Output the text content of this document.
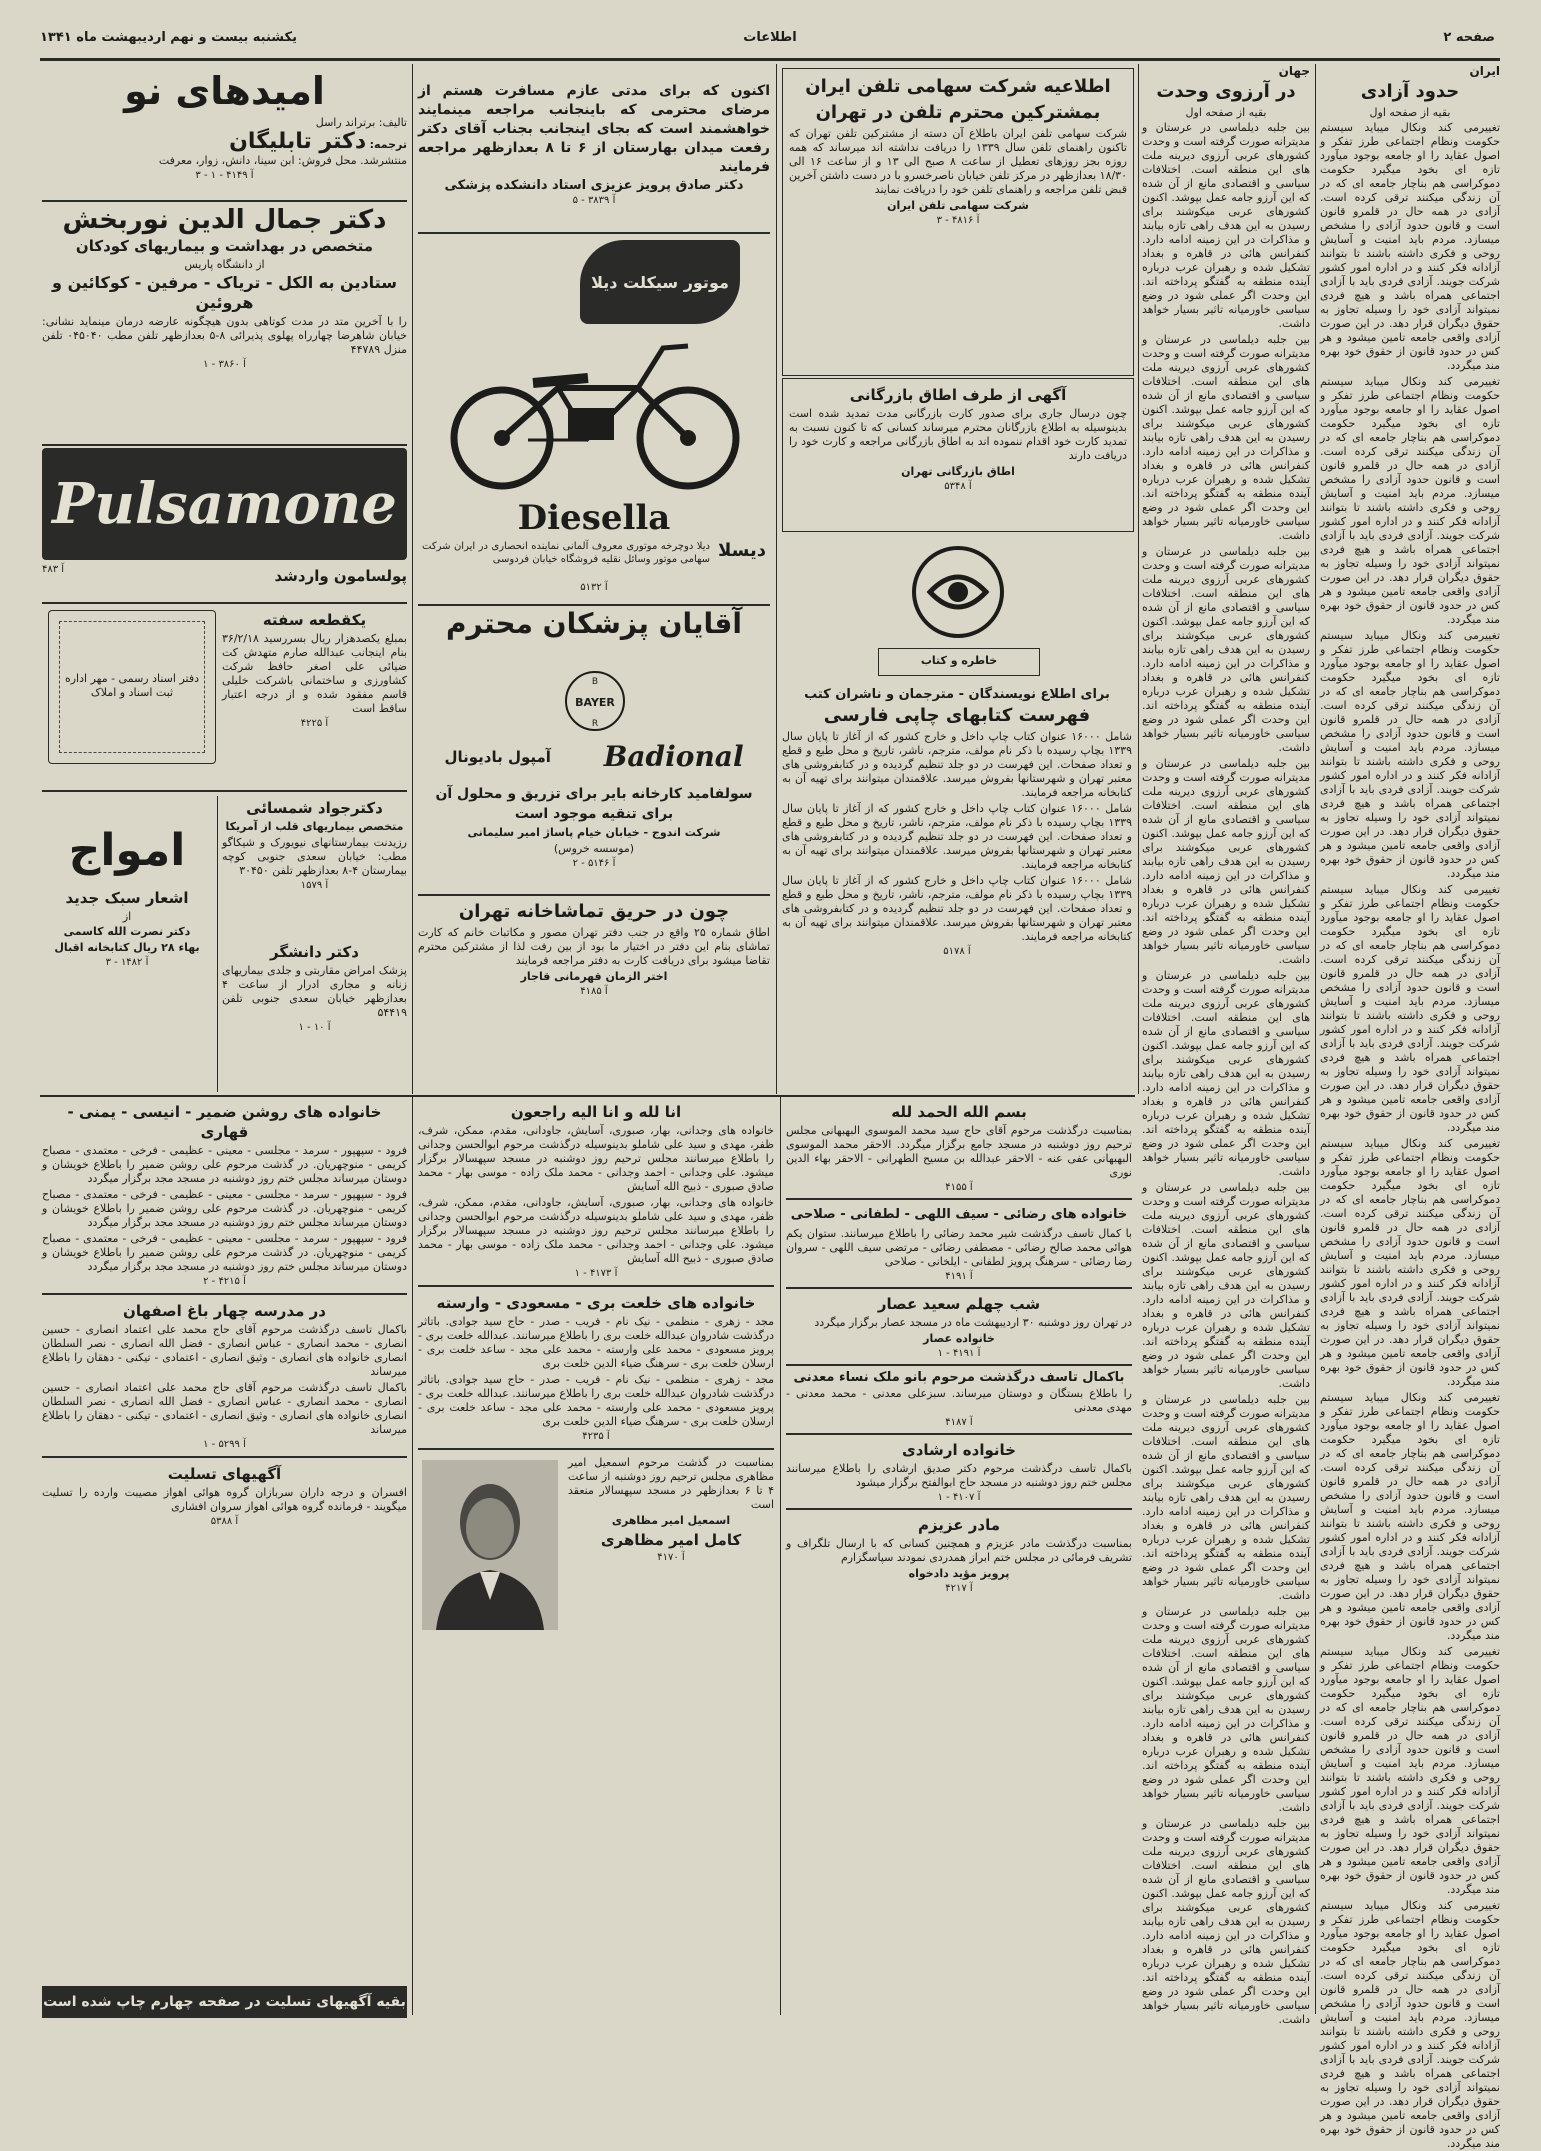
صفحه ۲
اطلاعات
یکشنبه بیست و نهم اردیبهشت ماه ۱۳۴۱
ایران
حدود آزادی
بقیه از صفحه اول

تغییرمی کند ونکال میباید سیستم حکومت ونظام اجتماعی طرز تفکر و اصول عقاید را او جامعه بوجود میآورد تازه ای بخود میگیرد حکومت دموکراسی هم بناچار جامعه ای که در آن زندگی میکنند ترقی کرده است. آزادی در همه حال در قلمرو قانون است و قانون حدود آزادی را مشخص میسازد. مردم باید امنیت و آسایش روحی و فکری داشته باشند تا بتوانند آزادانه فکر کنند و در اداره امور کشور شرکت جویند. آزادی فردی باید با آزادی اجتماعی همراه باشد و هیچ فردی نمیتواند آزادی خود را وسیله تجاوز به حقوق دیگران قرار دهد. در این صورت آزادی واقعی جامعه تامین میشود و هر کس در حدود قانون از حقوق خود بهره مند میگردد.

تغییرمی کند ونکال میباید سیستم حکومت ونظام اجتماعی طرز تفکر و اصول عقاید را او جامعه بوجود میآورد تازه ای بخود میگیرد حکومت دموکراسی هم بناچار جامعه ای که در آن زندگی میکنند ترقی کرده است. آزادی در همه حال در قلمرو قانون است و قانون حدود آزادی را مشخص میسازد. مردم باید امنیت و آسایش روحی و فکری داشته باشند تا بتوانند آزادانه فکر کنند و در اداره امور کشور شرکت جویند. آزادی فردی باید با آزادی اجتماعی همراه باشد و هیچ فردی نمیتواند آزادی خود را وسیله تجاوز به حقوق دیگران قرار دهد. در این صورت آزادی واقعی جامعه تامین میشود و هر کس در حدود قانون از حقوق خود بهره مند میگردد.

تغییرمی کند ونکال میباید سیستم حکومت ونظام اجتماعی طرز تفکر و اصول عقاید را او جامعه بوجود میآورد تازه ای بخود میگیرد حکومت دموکراسی هم بناچار جامعه ای که در آن زندگی میکنند ترقی کرده است. آزادی در همه حال در قلمرو قانون است و قانون حدود آزادی را مشخص میسازد. مردم باید امنیت و آسایش روحی و فکری داشته باشند تا بتوانند آزادانه فکر کنند و در اداره امور کشور شرکت جویند. آزادی فردی باید با آزادی اجتماعی همراه باشد و هیچ فردی نمیتواند آزادی خود را وسیله تجاوز به حقوق دیگران قرار دهد. در این صورت آزادی واقعی جامعه تامین میشود و هر کس در حدود قانون از حقوق خود بهره مند میگردد.

تغییرمی کند ونکال میباید سیستم حکومت ونظام اجتماعی طرز تفکر و اصول عقاید را او جامعه بوجود میآورد تازه ای بخود میگیرد حکومت دموکراسی هم بناچار جامعه ای که در آن زندگی میکنند ترقی کرده است. آزادی در همه حال در قلمرو قانون است و قانون حدود آزادی را مشخص میسازد. مردم باید امنیت و آسایش روحی و فکری داشته باشند تا بتوانند آزادانه فکر کنند و در اداره امور کشور شرکت جویند. آزادی فردی باید با آزادی اجتماعی همراه باشد و هیچ فردی نمیتواند آزادی خود را وسیله تجاوز به حقوق دیگران قرار دهد. در این صورت آزادی واقعی جامعه تامین میشود و هر کس در حدود قانون از حقوق خود بهره مند میگردد.

تغییرمی کند ونکال میباید سیستم حکومت ونظام اجتماعی طرز تفکر و اصول عقاید را او جامعه بوجود میآورد تازه ای بخود میگیرد حکومت دموکراسی هم بناچار جامعه ای که در آن زندگی میکنند ترقی کرده است. آزادی در همه حال در قلمرو قانون است و قانون حدود آزادی را مشخص میسازد. مردم باید امنیت و آسایش روحی و فکری داشته باشند تا بتوانند آزادانه فکر کنند و در اداره امور کشور شرکت جویند. آزادی فردی باید با آزادی اجتماعی همراه باشد و هیچ فردی نمیتواند آزادی خود را وسیله تجاوز به حقوق دیگران قرار دهد. در این صورت آزادی واقعی جامعه تامین میشود و هر کس در حدود قانون از حقوق خود بهره مند میگردد.

تغییرمی کند ونکال میباید سیستم حکومت ونظام اجتماعی طرز تفکر و اصول عقاید را او جامعه بوجود میآورد تازه ای بخود میگیرد حکومت دموکراسی هم بناچار جامعه ای که در آن زندگی میکنند ترقی کرده است. آزادی در همه حال در قلمرو قانون است و قانون حدود آزادی را مشخص میسازد. مردم باید امنیت و آسایش روحی و فکری داشته باشند تا بتوانند آزادانه فکر کنند و در اداره امور کشور شرکت جویند. آزادی فردی باید با آزادی اجتماعی همراه باشد و هیچ فردی نمیتواند آزادی خود را وسیله تجاوز به حقوق دیگران قرار دهد. در این صورت آزادی واقعی جامعه تامین میشود و هر کس در حدود قانون از حقوق خود بهره مند میگردد.

تغییرمی کند ونکال میباید سیستم حکومت ونظام اجتماعی طرز تفکر و اصول عقاید را او جامعه بوجود میآورد تازه ای بخود میگیرد حکومت دموکراسی هم بناچار جامعه ای که در آن زندگی میکنند ترقی کرده است. آزادی در همه حال در قلمرو قانون است و قانون حدود آزادی را مشخص میسازد. مردم باید امنیت و آسایش روحی و فکری داشته باشند تا بتوانند آزادانه فکر کنند و در اداره امور کشور شرکت جویند. آزادی فردی باید با آزادی اجتماعی همراه باشد و هیچ فردی نمیتواند آزادی خود را وسیله تجاوز به حقوق دیگران قرار دهد. در این صورت آزادی واقعی جامعه تامین میشود و هر کس در حدود قانون از حقوق خود بهره مند میگردد.

تغییرمی کند ونکال میباید سیستم حکومت ونظام اجتماعی طرز تفکر و اصول عقاید را او جامعه بوجود میآورد تازه ای بخود میگیرد حکومت دموکراسی هم بناچار جامعه ای که در آن زندگی میکنند ترقی کرده است. آزادی در همه حال در قلمرو قانون است و قانون حدود آزادی را مشخص میسازد. مردم باید امنیت و آسایش روحی و فکری داشته باشند تا بتوانند آزادانه فکر کنند و در اداره امور کشور شرکت جویند. آزادی فردی باید با آزادی اجتماعی همراه باشد و هیچ فردی نمیتواند آزادی خود را وسیله تجاوز به حقوق دیگران قرار دهد. در این صورت آزادی واقعی جامعه تامین میشود و هر کس در حدود قانون از حقوق خود بهره مند میگردد.

جهان
در آرزوی وحدت
بقیه از صفحه اول

بین جلبه دیلماسی در عرستان و مدیترانه صورت گرفته است و وحدت کشورهای عربی آرزوی دیرینه ملت های این منطقه است. اختلافات سیاسی و اقتصادی مانع از آن شده که این آرزو جامه عمل بپوشد. اکنون کشورهای عربی میکوشند برای رسیدن به این هدف راهی تازه بیابند و مذاکرات در این زمینه ادامه دارد. کنفرانس هائی در قاهره و بغداد تشکیل شده و رهبران عرب درباره آینده منطقه به گفتگو پرداخته اند. این وحدت اگر عملی شود در وضع سیاسی خاورمیانه تاثیر بسیار خواهد داشت.

بین جلبه دیلماسی در عرستان و مدیترانه صورت گرفته است و وحدت کشورهای عربی آرزوی دیرینه ملت های این منطقه است. اختلافات سیاسی و اقتصادی مانع از آن شده که این آرزو جامه عمل بپوشد. اکنون کشورهای عربی میکوشند برای رسیدن به این هدف راهی تازه بیابند و مذاکرات در این زمینه ادامه دارد. کنفرانس هائی در قاهره و بغداد تشکیل شده و رهبران عرب درباره آینده منطقه به گفتگو پرداخته اند. این وحدت اگر عملی شود در وضع سیاسی خاورمیانه تاثیر بسیار خواهد داشت.

بین جلبه دیلماسی در عرستان و مدیترانه صورت گرفته است و وحدت کشورهای عربی آرزوی دیرینه ملت های این منطقه است. اختلافات سیاسی و اقتصادی مانع از آن شده که این آرزو جامه عمل بپوشد. اکنون کشورهای عربی میکوشند برای رسیدن به این هدف راهی تازه بیابند و مذاکرات در این زمینه ادامه دارد. کنفرانس هائی در قاهره و بغداد تشکیل شده و رهبران عرب درباره آینده منطقه به گفتگو پرداخته اند. این وحدت اگر عملی شود در وضع سیاسی خاورمیانه تاثیر بسیار خواهد داشت.

بین جلبه دیلماسی در عرستان و مدیترانه صورت گرفته است و وحدت کشورهای عربی آرزوی دیرینه ملت های این منطقه است. اختلافات سیاسی و اقتصادی مانع از آن شده که این آرزو جامه عمل بپوشد. اکنون کشورهای عربی میکوشند برای رسیدن به این هدف راهی تازه بیابند و مذاکرات در این زمینه ادامه دارد. کنفرانس هائی در قاهره و بغداد تشکیل شده و رهبران عرب درباره آینده منطقه به گفتگو پرداخته اند. این وحدت اگر عملی شود در وضع سیاسی خاورمیانه تاثیر بسیار خواهد داشت.

بین جلبه دیلماسی در عرستان و مدیترانه صورت گرفته است و وحدت کشورهای عربی آرزوی دیرینه ملت های این منطقه است. اختلافات سیاسی و اقتصادی مانع از آن شده که این آرزو جامه عمل بپوشد. اکنون کشورهای عربی میکوشند برای رسیدن به این هدف راهی تازه بیابند و مذاکرات در این زمینه ادامه دارد. کنفرانس هائی در قاهره و بغداد تشکیل شده و رهبران عرب درباره آینده منطقه به گفتگو پرداخته اند. این وحدت اگر عملی شود در وضع سیاسی خاورمیانه تاثیر بسیار خواهد داشت.

بین جلبه دیلماسی در عرستان و مدیترانه صورت گرفته است و وحدت کشورهای عربی آرزوی دیرینه ملت های این منطقه است. اختلافات سیاسی و اقتصادی مانع از آن شده که این آرزو جامه عمل بپوشد. اکنون کشورهای عربی میکوشند برای رسیدن به این هدف راهی تازه بیابند و مذاکرات در این زمینه ادامه دارد. کنفرانس هائی در قاهره و بغداد تشکیل شده و رهبران عرب درباره آینده منطقه به گفتگو پرداخته اند. این وحدت اگر عملی شود در وضع سیاسی خاورمیانه تاثیر بسیار خواهد داشت.

بین جلبه دیلماسی در عرستان و مدیترانه صورت گرفته است و وحدت کشورهای عربی آرزوی دیرینه ملت های این منطقه است. اختلافات سیاسی و اقتصادی مانع از آن شده که این آرزو جامه عمل بپوشد. اکنون کشورهای عربی میکوشند برای رسیدن به این هدف راهی تازه بیابند و مذاکرات در این زمینه ادامه دارد. کنفرانس هائی در قاهره و بغداد تشکیل شده و رهبران عرب درباره آینده منطقه به گفتگو پرداخته اند. این وحدت اگر عملی شود در وضع سیاسی خاورمیانه تاثیر بسیار خواهد داشت.

بین جلبه دیلماسی در عرستان و مدیترانه صورت گرفته است و وحدت کشورهای عربی آرزوی دیرینه ملت های این منطقه است. اختلافات سیاسی و اقتصادی مانع از آن شده که این آرزو جامه عمل بپوشد. اکنون کشورهای عربی میکوشند برای رسیدن به این هدف راهی تازه بیابند و مذاکرات در این زمینه ادامه دارد. کنفرانس هائی در قاهره و بغداد تشکیل شده و رهبران عرب درباره آینده منطقه به گفتگو پرداخته اند. این وحدت اگر عملی شود در وضع سیاسی خاورمیانه تاثیر بسیار خواهد داشت.

بین جلبه دیلماسی در عرستان و مدیترانه صورت گرفته است و وحدت کشورهای عربی آرزوی دیرینه ملت های این منطقه است. اختلافات سیاسی و اقتصادی مانع از آن شده که این آرزو جامه عمل بپوشد. اکنون کشورهای عربی میکوشند برای رسیدن به این هدف راهی تازه بیابند و مذاکرات در این زمینه ادامه دارد. کنفرانس هائی در قاهره و بغداد تشکیل شده و رهبران عرب درباره آینده منطقه به گفتگو پرداخته اند. این وحدت اگر عملی شود در وضع سیاسی خاورمیانه تاثیر بسیار خواهد داشت.

امیدهای نو
تالیف: برتراند راسل
ترجمه: دکتر تابلیگان
منتشرشد. محل فروش: ابن سینا، دانش، زوار، معرفت
آ ۴۱۴۹ - ۱ - ۳
دکتر جمال الدین نوربخش
متخصص در بهداشت و بیماریهای کودکان
از دانشگاه پاریس
ستادین به الکل - تریاک - مرفین - کوکائین و هروئین

را با آخرین متد در مدت کوتاهی بدون هیچگونه عارضه درمان مینماید نشانی: خیابان شاهرضا چهارراه پهلوی پذیرائی ۸-۵ بعدازظهر تلفن مطب ۰۴۵۰۴۰ تلفن منزل ۴۴۷۸۹

آ ۳۸۶۰ - ۱
Pulsamone
پولسامون واردشد
آ ۴۸۳
دفتر اسناد رسمی - مهر اداره ثبت اسناد و املاک
یکقطعه سفته

بمبلغ یکصدهزار ریال بسررسید ۳۶/۲/۱۸ بنام اینجانب عبدالله صارم متهدش کت ضیائی علی اصغر حافظ شرکت کشاورزی و ساختمانی باشرکت خلیلی قاسم مفقود شده و از درجه اعتبار ساقط است

آ ۴۲۲۵
دکترجواد شمسائی
متخصص بیماریهای قلب از آمریکا

رزیدنت بیمارستانهای نیویورک و شیکاگو مطب: خیابان سعدی جنوبی کوچه بیمارستان ۴-۸ بعدازظهر تلفن ۳۰۴۵۰

آ ۱۵۷۹
دکتر دانشگر

پزشک امراض مقاربتی و جلدی بیماریهای زنانه و مجاری ادرار از ساعت ۴ بعدازظهر خیابان سعدی جنوبی تلفن ۵۴۴۱۹

آ ۱۰ - ۱
امواج
اشعار سبک جدید
از
دکتر نصرت الله کاسمی
بهاء ۲۸ ریال کتابخانه اقبال
آ ۱۴۸۲ - ۳

اکنون که برای مدتی عازم مسافرت هستم از مرضای محترمی که باینجانب مراجعه مینمایند خواهشمند است که بجای اینجانب بجناب آقای دکتر رفعت میدان بهارستان از ۶ تا ۸ بعدازظهر مراجعه فرمایند

دکتر صادق پرویز عزیزی استاد دانشکده پزشکی
آ ۳۸۳۹ - ۵
موتور سیکلت دیلا
Diesella
دیسلا

دیلا دوچرخه موتوری معروف آلمانی نماینده انحصاری در ایران شرکت سهامی موتور وسائل نقلیه فروشگاه خیابان فردوسی

آ ۵۱۳۲
آقایان پزشکان محترم
BAYER
B
R
Badional
آمپول بادیونال

سولفامید کارخانه بایر برای تزریق و محلول آن برای تنقیه موجود است

شرکت اندوج - خیابان خیام پاساژ امیر سلیمانی
(موسسه خروس)
آ ۵۱۴۶ - ۲
چون در حریق تماشاخانه تهران

اطاق شماره ۲۵ واقع در جنب دفتر تهران مصور و مکاتبات خانم که کارت تماشای بنام این دفتر در اختیار ما بود از بین رفت لذا از مشترکین محترم تقاضا میشود برای دریافت کارت به دفتر مراجعه فرمایند

اختر الزمان قهرمانی قاجار
آ ۴۱۸۵
اطلاعیه شرکت سهامی تلفن ایران
بمشترکین محترم تلفن در تهران

شرکت سهامی تلفن ایران باطلاع آن دسته از مشترکین تلفن تهران که تاکنون راهنمای تلفن سال ۱۳۳۹ را دریافت نداشته اند میرساند که همه روزه بجز روزهای تعطیل از ساعت ۸ صبح الی ۱۳ و از ساعت ۱۶ الی ۱۸/۳۰ بعدازظهر در مرکز تلفن خیابان ناصرخسرو با در دست داشتن آخرین قبض تلفن مراجعه و راهنمای تلفن خود را دریافت نمایند

شرکت سهامی تلفن ایران
آ ۴۸۱۶ - ۳
آگهی از طرف اطاق بازرگانی

چون درسال جاری برای صدور کارت بازرگانی مدت تمدید شده است بدینوسیله به اطلاع بازرگانان محترم میرساند کسانی که تا کنون نسبت به تمدید کارت خود اقدام ننموده اند به اطاق بازرگانی مراجعه و کارت خود را دریافت دارند

اطاق بازرگانی تهران
آ ۵۳۴۸
خاطره و کتاب
برای اطلاع نویسندگان - مترجمان و ناشران کتب
فهرست کتابهای چاپی فارسی

شامل ۱۶۰۰۰ عنوان کتاب چاپ داخل و خارج کشور که از آغاز تا پایان سال ۱۳۳۹ بچاپ رسیده با ذکر نام مولف، مترجم، ناشر، تاریخ و محل طبع و قطع و تعداد صفحات. این فهرست در دو جلد تنظیم گردیده و در کتابفروشی های معتبر تهران و شهرستانها بفروش میرسد. علاقمندان میتوانند برای تهیه آن به کتابخانه مراجعه فرمایند.

شامل ۱۶۰۰۰ عنوان کتاب چاپ داخل و خارج کشور که از آغاز تا پایان سال ۱۳۳۹ بچاپ رسیده با ذکر نام مولف، مترجم، ناشر، تاریخ و محل طبع و قطع و تعداد صفحات. این فهرست در دو جلد تنظیم گردیده و در کتابفروشی های معتبر تهران و شهرستانها بفروش میرسد. علاقمندان میتوانند برای تهیه آن به کتابخانه مراجعه فرمایند.

شامل ۱۶۰۰۰ عنوان کتاب چاپ داخل و خارج کشور که از آغاز تا پایان سال ۱۳۳۹ بچاپ رسیده با ذکر نام مولف، مترجم، ناشر، تاریخ و محل طبع و قطع و تعداد صفحات. این فهرست در دو جلد تنظیم گردیده و در کتابفروشی های معتبر تهران و شهرستانها بفروش میرسد. علاقمندان میتوانند برای تهیه آن به کتابخانه مراجعه فرمایند.

آ ۵۱۷۸
خانواده های روشن ضمیر - انیسی - یمنی - قهاری

فرود - سپهپور - سرمد - مجلسی - معینی - عظیمی - فرخی - معتمدی - مصباح کریمی - منوچهریان. در گذشت مرحوم علی روشن ضمیر را باطلاع خویشان و دوستان میرساند مجلس ختم روز دوشنبه در مسجد مجد برگزار میگردد

فرود - سپهپور - سرمد - مجلسی - معینی - عظیمی - فرخی - معتمدی - مصباح کریمی - منوچهریان. در گذشت مرحوم علی روشن ضمیر را باطلاع خویشان و دوستان میرساند مجلس ختم روز دوشنبه در مسجد مجد برگزار میگردد

فرود - سپهپور - سرمد - مجلسی - معینی - عظیمی - فرخی - معتمدی - مصباح کریمی - منوچهریان. در گذشت مرحوم علی روشن ضمیر را باطلاع خویشان و دوستان میرساند مجلس ختم روز دوشنبه در مسجد مجد برگزار میگردد

آ ۴۲۱۵ - ۲
در مدرسه چهار باغ اصفهان

باکمال تاسف درگذشت مرحوم آقای حاج محمد علی اعتماد انصاری - حسین انصاری - محمد انصاری - عباس انصاری - فضل الله انصاری - نصر السلطان انصاری خانواده های انصاری - وثیق انصاری - اعتمادی - تیکنی - دهقان را باطلاع میرساند

باکمال تاسف درگذشت مرحوم آقای حاج محمد علی اعتماد انصاری - حسین انصاری - محمد انصاری - عباس انصاری - فضل الله انصاری - نصر السلطان انصاری خانواده های انصاری - وثیق انصاری - اعتمادی - تیکنی - دهقان را باطلاع میرساند

آ ۵۲۹۹ - ۱
آگهیهای تسلیت

افسران و درجه داران سربازان گروه هوائی اهواز مصیبت وارده را تسلیت میگویند - فرمانده گروه هوائی اهواز سروان افشاری

آ ۵۳۸۸
انا لله و انا الیه راجعون

خانواده های وجدانی، بهار، صبوری، آسایش، جاودانی، مقدم، ممکن، شرف، ظفر، مهدی و سید علی شاملو بدینوسیله درگذشت مرحوم ابوالحسن وجدانی را باطلاع میرسانند مجلس ترحیم روز دوشنبه در مسجد سپهسالار برگزار میشود. علی وجدانی - احمد وجدانی - محمد ملک زاده - موسی بهار - محمد صادق صبوری - ذبیح الله آسایش

خانواده های وجدانی، بهار، صبوری، آسایش، جاودانی، مقدم، ممکن، شرف، ظفر، مهدی و سید علی شاملو بدینوسیله درگذشت مرحوم ابوالحسن وجدانی را باطلاع میرسانند مجلس ترحیم روز دوشنبه در مسجد سپهسالار برگزار میشود. علی وجدانی - احمد وجدانی - محمد ملک زاده - موسی بهار - محمد صادق صبوری - ذبیح الله آسایش

آ ۴۱۷۳ - ۱
خانواده های خلعت بری - مسعودی - وارسته

مجد - زهری - منظمی - نیک نام - فریب - صدر - حاج سید جوادی. باتاثر درگذشت شادروان عبدالله خلعت بری را باطلاع میرسانند. عبدالله خلعت بری - پرویز مسعودی - محمد علی وارسته - محمد علی مجد - ساعد خلعت بری - ارسلان خلعت بری - سرهنگ ضیاء الدین خلعت بری

مجد - زهری - منظمی - نیک نام - فریب - صدر - حاج سید جوادی. باتاثر درگذشت شادروان عبدالله خلعت بری را باطلاع میرسانند. عبدالله خلعت بری - پرویز مسعودی - محمد علی وارسته - محمد علی مجد - ساعد خلعت بری - ارسلان خلعت بری - سرهنگ ضیاء الدین خلعت بری

آ ۴۲۳۵

بمناسبت در گذشت مرحوم اسمعیل امیر مظاهری مجلس ترحیم روز دوشنبه از ساعت ۴ تا ۶ بعدازظهر در مسجد سپهسالار منعقد است

اسمعیل امیر مظاهری
کامل امیر مظاهری
آ ۴۱۷۰
بسم الله الحمد لله

بمناسبت درگذشت مرحوم آقای حاج سید محمد الموسوی البهبهانی مجلس ترحیم روز دوشنبه در مسجد جامع برگزار میگردد. الاحقر محمد الموسوی البهبهانی عفی عنه - الاحقر عبدالله بن مسیح الطهرانی - الاحقر بهاء الدین نوری

آ ۴۱۵۵
خانواده های رضائی - سیف اللهی - لطفانی - صلاحی

با کمال تاسف درگذشت شیر محمد رضائی را باطلاع میرسانند. ستوان یکم هوائی محمد صالح رضائی - مصطفی رضائی - مرتضی سیف اللهی - سروان رضا رضائی - سرهنگ پرویز لطفانی - ایلخانی - صلاحی

آ ۴۱۹۱
شب چهلم سعید عصار

در تهران روز دوشنبه ۳۰ اردیبهشت ماه در مسجد عصار برگزار میگردد

خانواده عصار
آ ۴۱۹۱ - ۱
باکمال تاسف درگذشت مرحوم بانو ملک نساء معدنی

را باطلاع بستگان و دوستان میرساند. سبزعلی معدنی - محمد معدنی - مهدی معدنی

آ ۴۱۸۷
خانواده ارشادی

باکمال تاسف درگذشت مرحوم دکتر صدیق ارشادی را باطلاع میرسانند مجلس ختم روز دوشنبه در مسجد حاج ابوالفتح برگزار میشود

آ ۴۱۰۷ - ۱
مادر عزیزم

بمناسبت درگذشت مادر عزیزم و همچنین کسانی که با ارسال تلگراف و تشریف فرمائی در مجلس ختم ابراز همدردی نمودند سپاسگزارم

پرویز مؤید دادخواه
آ ۴۲۱۷
بقیه آگهیهای تسلیت در صفحه چهارم چاپ شده است
